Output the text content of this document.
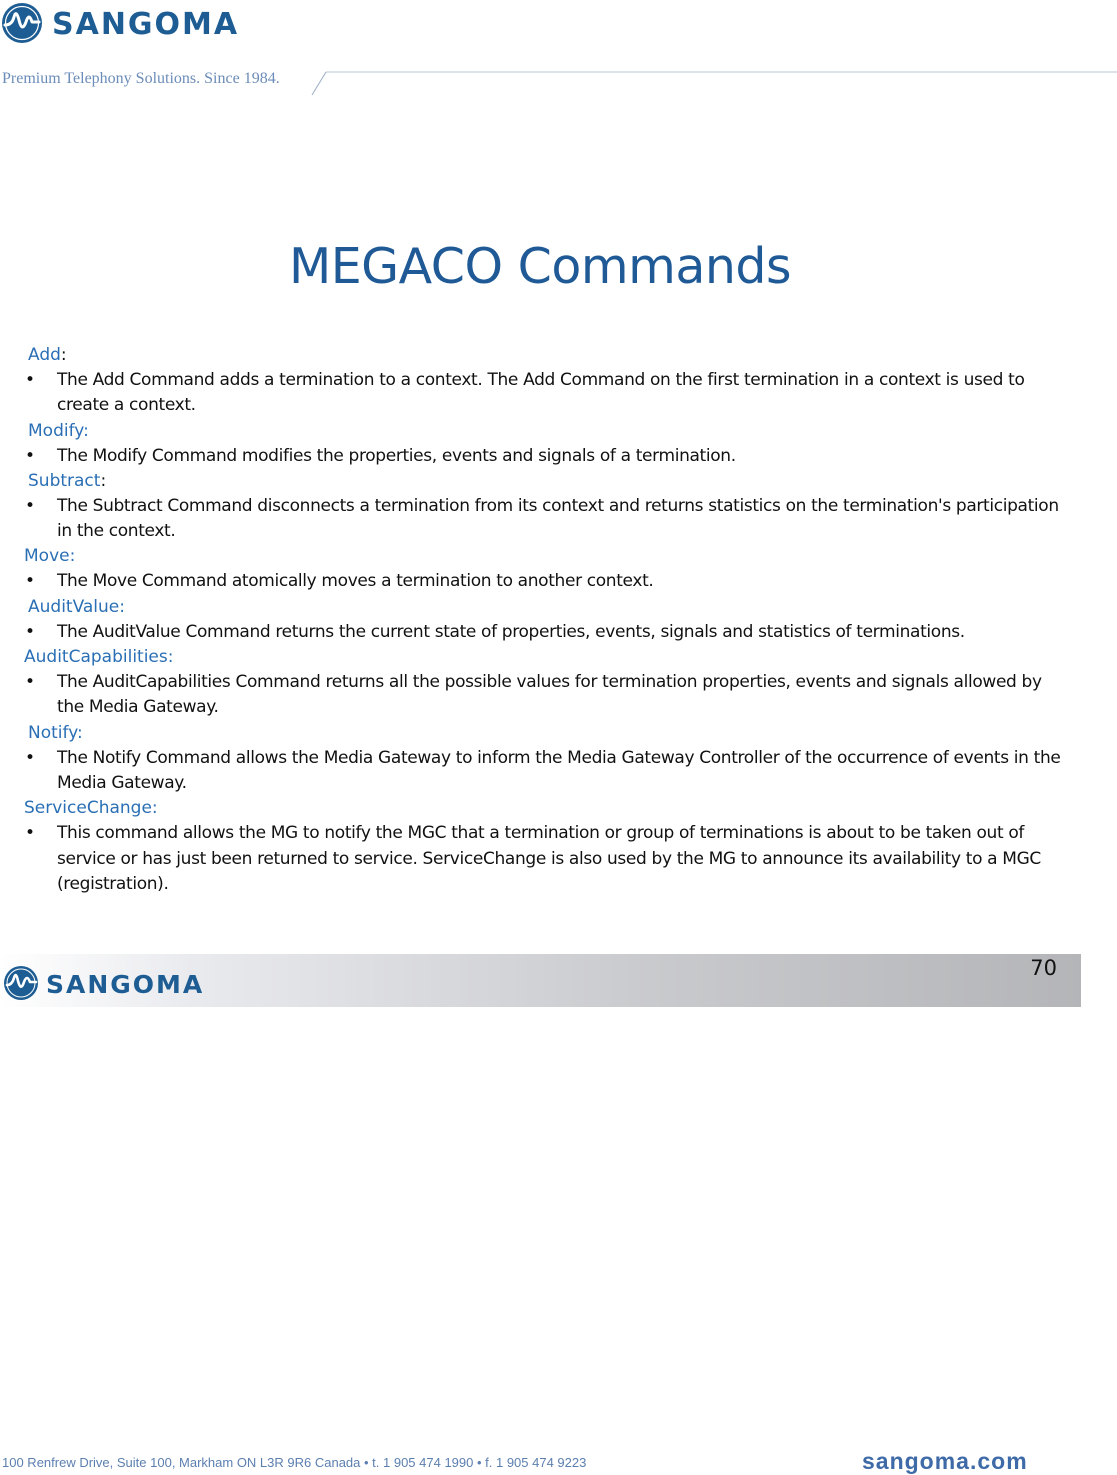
SANGOMA
Premium Telephony Solutions. Since 1984.
MEGACO Commands
Add:
• The Add Command adds a termination to a context. The Add Command on the first termination in a context is used to create a context.
Modify:
• The Modify Command modifies the properties, events and signals of a termination.
Subtract:
• The Subtract Command disconnects a termination from its context and returns statistics on the termination's participation in the context.
Move:
• The Move Command atomically moves a termination to another context.
AuditValue:
• The AuditValue Command returns the current state of properties, events, signals and statistics of terminations.
AuditCapabilities:
• The AuditCapabilities Command returns all the possible values for termination properties, events and signals allowed by the Media Gateway.
Notify:
• The Notify Command allows the Media Gateway to inform the Media Gateway Controller of the occurrence of events in the Media Gateway.
ServiceChange:
• This command allows the MG to notify the MGC that a termination or group of terminations is about to be taken out of service or has just been returned to service. ServiceChange is also used by the MG to announce its availability to a MGC (registration).
SANGOMA
70
100 Renfrew Drive, Suite 100, Markham ON L3R 9R6 Canada • t. 1 905 474 1990 • f. 1 905 474 9223	sangoma.com
